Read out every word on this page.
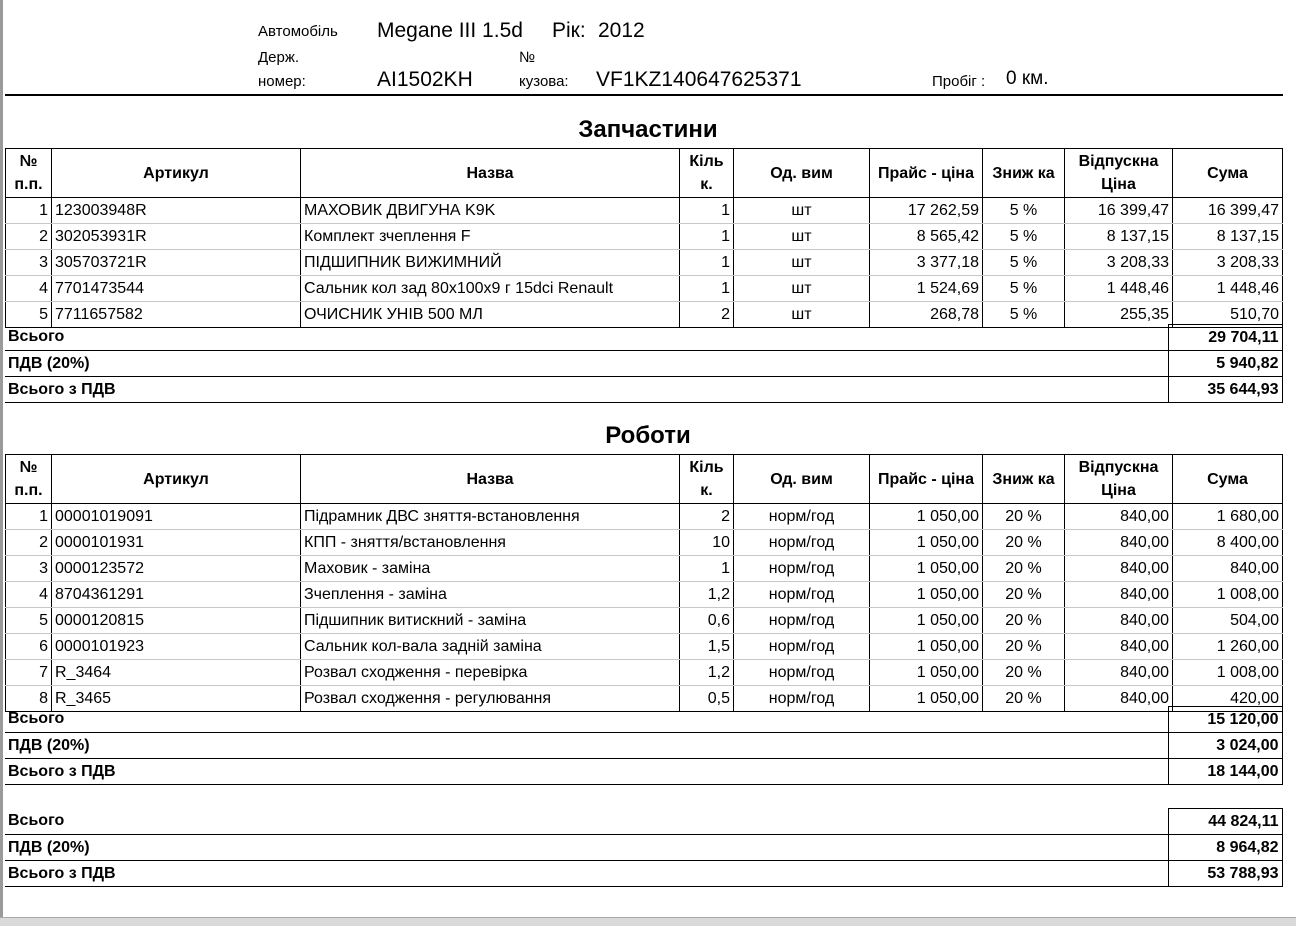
Автомобіль Megane III 1.5d Рік: 2012
Держ.
номер:	AI1502KH
№
кузова: VF1KZ140647625371	Пробіг : 0 км.
Запчастини
№ п.п.	Артикул	Назва	Кіль к.	Од. вим	Прайс - ціна	Зниж ка	Відпускна Ціна	Сума
1	123003948R	МАХОВИК ДВИГУНА K9K	1	шт	17 262,59	5 %	16 399,47	16 399,47
2	302053931R	Комплект зчеплення F	1	шт	8 565,42	5 %	8 137,15	8 137,15
3	305703721R	ПІДШИПНИК ВИЖИМНИЙ	1	шт	3 377,18	5 %	3 208,33	3 208,33
4	7701473544	Сальник кол зад 80x100x9 г 15dci Renault	1	шт	1 524,69	5 %	1 448,46	1 448,46
5	7711657582	ОЧИСНИК УНІВ 500 МЛ	2	шт	268,78	5 %	255,35	510,70
Всього	29 704,11
ПДВ (20%)	5 940,82
Всього з ПДВ	35 644,93
Роботи
№ п.п.	Артикул	Назва	Кіль к.	Од. вим	Прайс - ціна	Зниж ка	Відпускна Ціна	Сума
1	00001019091	Підрамник ДВС зняття-встановлення	2	норм/год	1 050,00	20 %	840,00	1 680,00
2	0000101931	КПП - зняття/встановлення	10	норм/год	1 050,00	20 %	840,00	8 400,00
3	0000123572	Маховик - заміна	1	норм/год	1 050,00	20 %	840,00	840,00
4	8704361291	Зчеплення - заміна	1,2	норм/год	1 050,00	20 %	840,00	1 008,00
5	0000120815	Підшипник витискний - заміна	0,6	норм/год	1 050,00	20 %	840,00	504,00
6	0000101923	Сальник кол-вала задній заміна	1,5	норм/год	1 050,00	20 %	840,00	1 260,00
7	R_3464	Розвал сходження - перевірка	1,2	норм/год	1 050,00	20 %	840,00	1 008,00
8	R_3465	Розвал сходження - регулювання	0,5	норм/год	1 050,00	20 %	840,00	420,00
Всього	15 120,00
ПДВ (20%)	3 024,00
Всього з ПДВ	18 144,00
Всього	44 824,11
ПДВ (20%)	8 964,82
Всього з ПДВ	53 788,93
